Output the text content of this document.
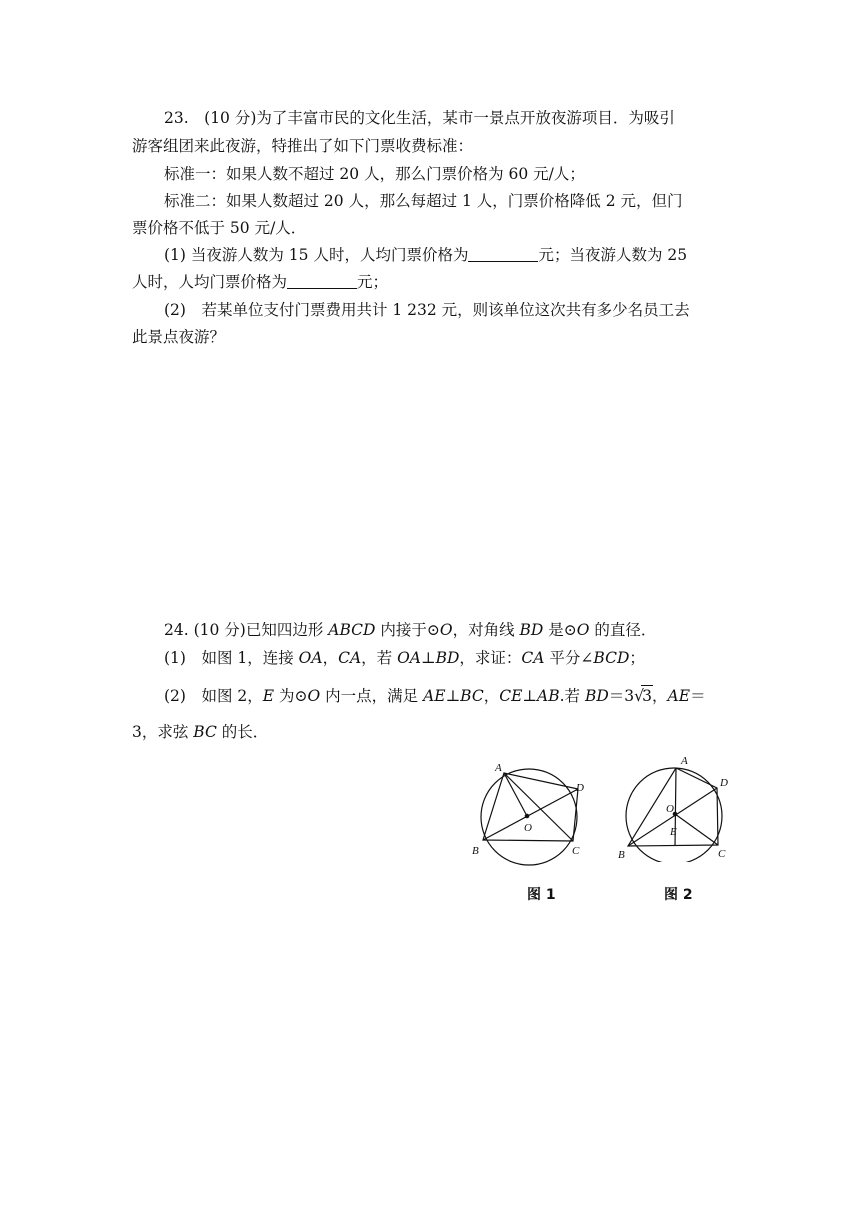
23.　(10 分)为了丰富市民的文化生活，某市一景点开放夜游项目．为吸引
游客组团来此夜游，特推出了如下门票收费标准：
标准一：如果人数不超过 20 人，那么门票价格为 60 元/人；
标准二：如果人数超过 20 人，那么每超过 1 人，门票价格降低 2 元，但门
票价格不低于 50 元/人．
(1) 当夜游人数为 15 人时，人均门票价格为	元；当夜游人数为 25
人时，人均门票价格为	元；
(2)　若某单位支付门票费用共计 1 232 元，则该单位这次共有多少名员工去
此景点夜游？
24. (10 分)已知四边形 ABCD 内接于⊙O，对角线 BD 是⊙O 的直径．
(1)　如图 1，连接 OA，CA，若 OA⊥BD，求证：CA 平分∠BCD；
(2)　如图 2，E 为⊙O 内一点，满足 AE⊥BC，CE⊥AB.若 BD＝3 √
3，AE＝
3，求弦 BC 的长．
A
B	C
D
O
图 1
A
B	C
D
O
E
图 2
